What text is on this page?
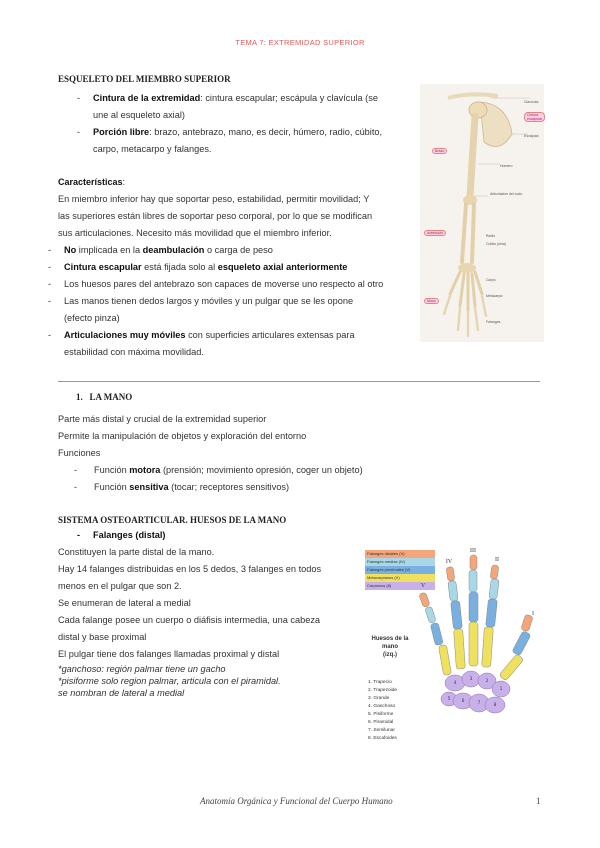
TEMA 7: EXTREMIDAD SUPERIOR
ESQUELETO DEL MIEMBRO SUPERIOR
- Cintura de la extremidad: cintura escapular; escápula y clavícula (se
une al esqueleto axial)
- Porción libre: brazo, antebrazo, mano, es decir, húmero, radio, cúbito,
carpo, metacarpo y falanges.
Características:
En miembro inferior hay que soportar peso, estabilidad, permitir movilidad; Y
las superiores están libres de soportar peso corporal, por lo que se modifican
sus articulaciones. Necesito más movilidad que el miembro inferior.
- No implicada en la deambulación o carga de peso
- Cintura escapular está fijada solo al esqueleto axial anteriormente
- Los huesos pares del antebrazo son capaces de moverse uno respecto al otro
- Las manos tienen dedos largos y móviles y un pulgar que se les opone
(efecto pinza)
- Articulaciones muy móviles con superficies articulares extensas para
estabilidad con máxima movilidad.
Clavícula
Cintura escapular
Escápula
Brazo
Húmero
Articulación del codo
Antebrazo
Radio
Cúbito (ulna)
Carpo
Metacarpo
Mano
Falanges
1. LA MANO
Parte más distal y crucial de la extremidad superior
Permite la manipulación de objetos y exploración del entorno
Funciones
- Función motora (prensión; movimiento opresión, coger un objeto)
- Función sensitiva (tocar; receptores sensitivos)
SISTEMA OSTEOARTICULAR. HUESOS DE LA MANO
- Falanges (distal)
Constituyen la parte distal de la mano.
Hay 14 falanges distribuidas en los 5 dedos, 3 falanges en todos
menos en el pulgar que son 2.
Se enumeran de lateral a medial
Cada falange posee un cuerpo o diáfisis intermedia, una cabeza
distal y base proximal
El pulgar tiene dos falanges llamadas proximal y distal
*ganchoso: región palmar tiene un gacho
*pisiforme solo region palmar, articula con el piramidal.
se nombran de lateral a medial
Falanges distales (V)
Falanges medias (IV)
Falanges proximales (V)
Metacarpianos (V)
Carpianos (8)
Huesos de la mano
(izq.)
1. Trapecio
2. Trapezoide
3. Grande
4. Ganchoso
5. Pisiforme
6. Piramidal
7. Semilunar
8. Escafoides
4
3	2
1
5	6	7	8
V
IV
III
II
I
Anatomía Orgánica y Funcional del Cuerpo Humano	1
